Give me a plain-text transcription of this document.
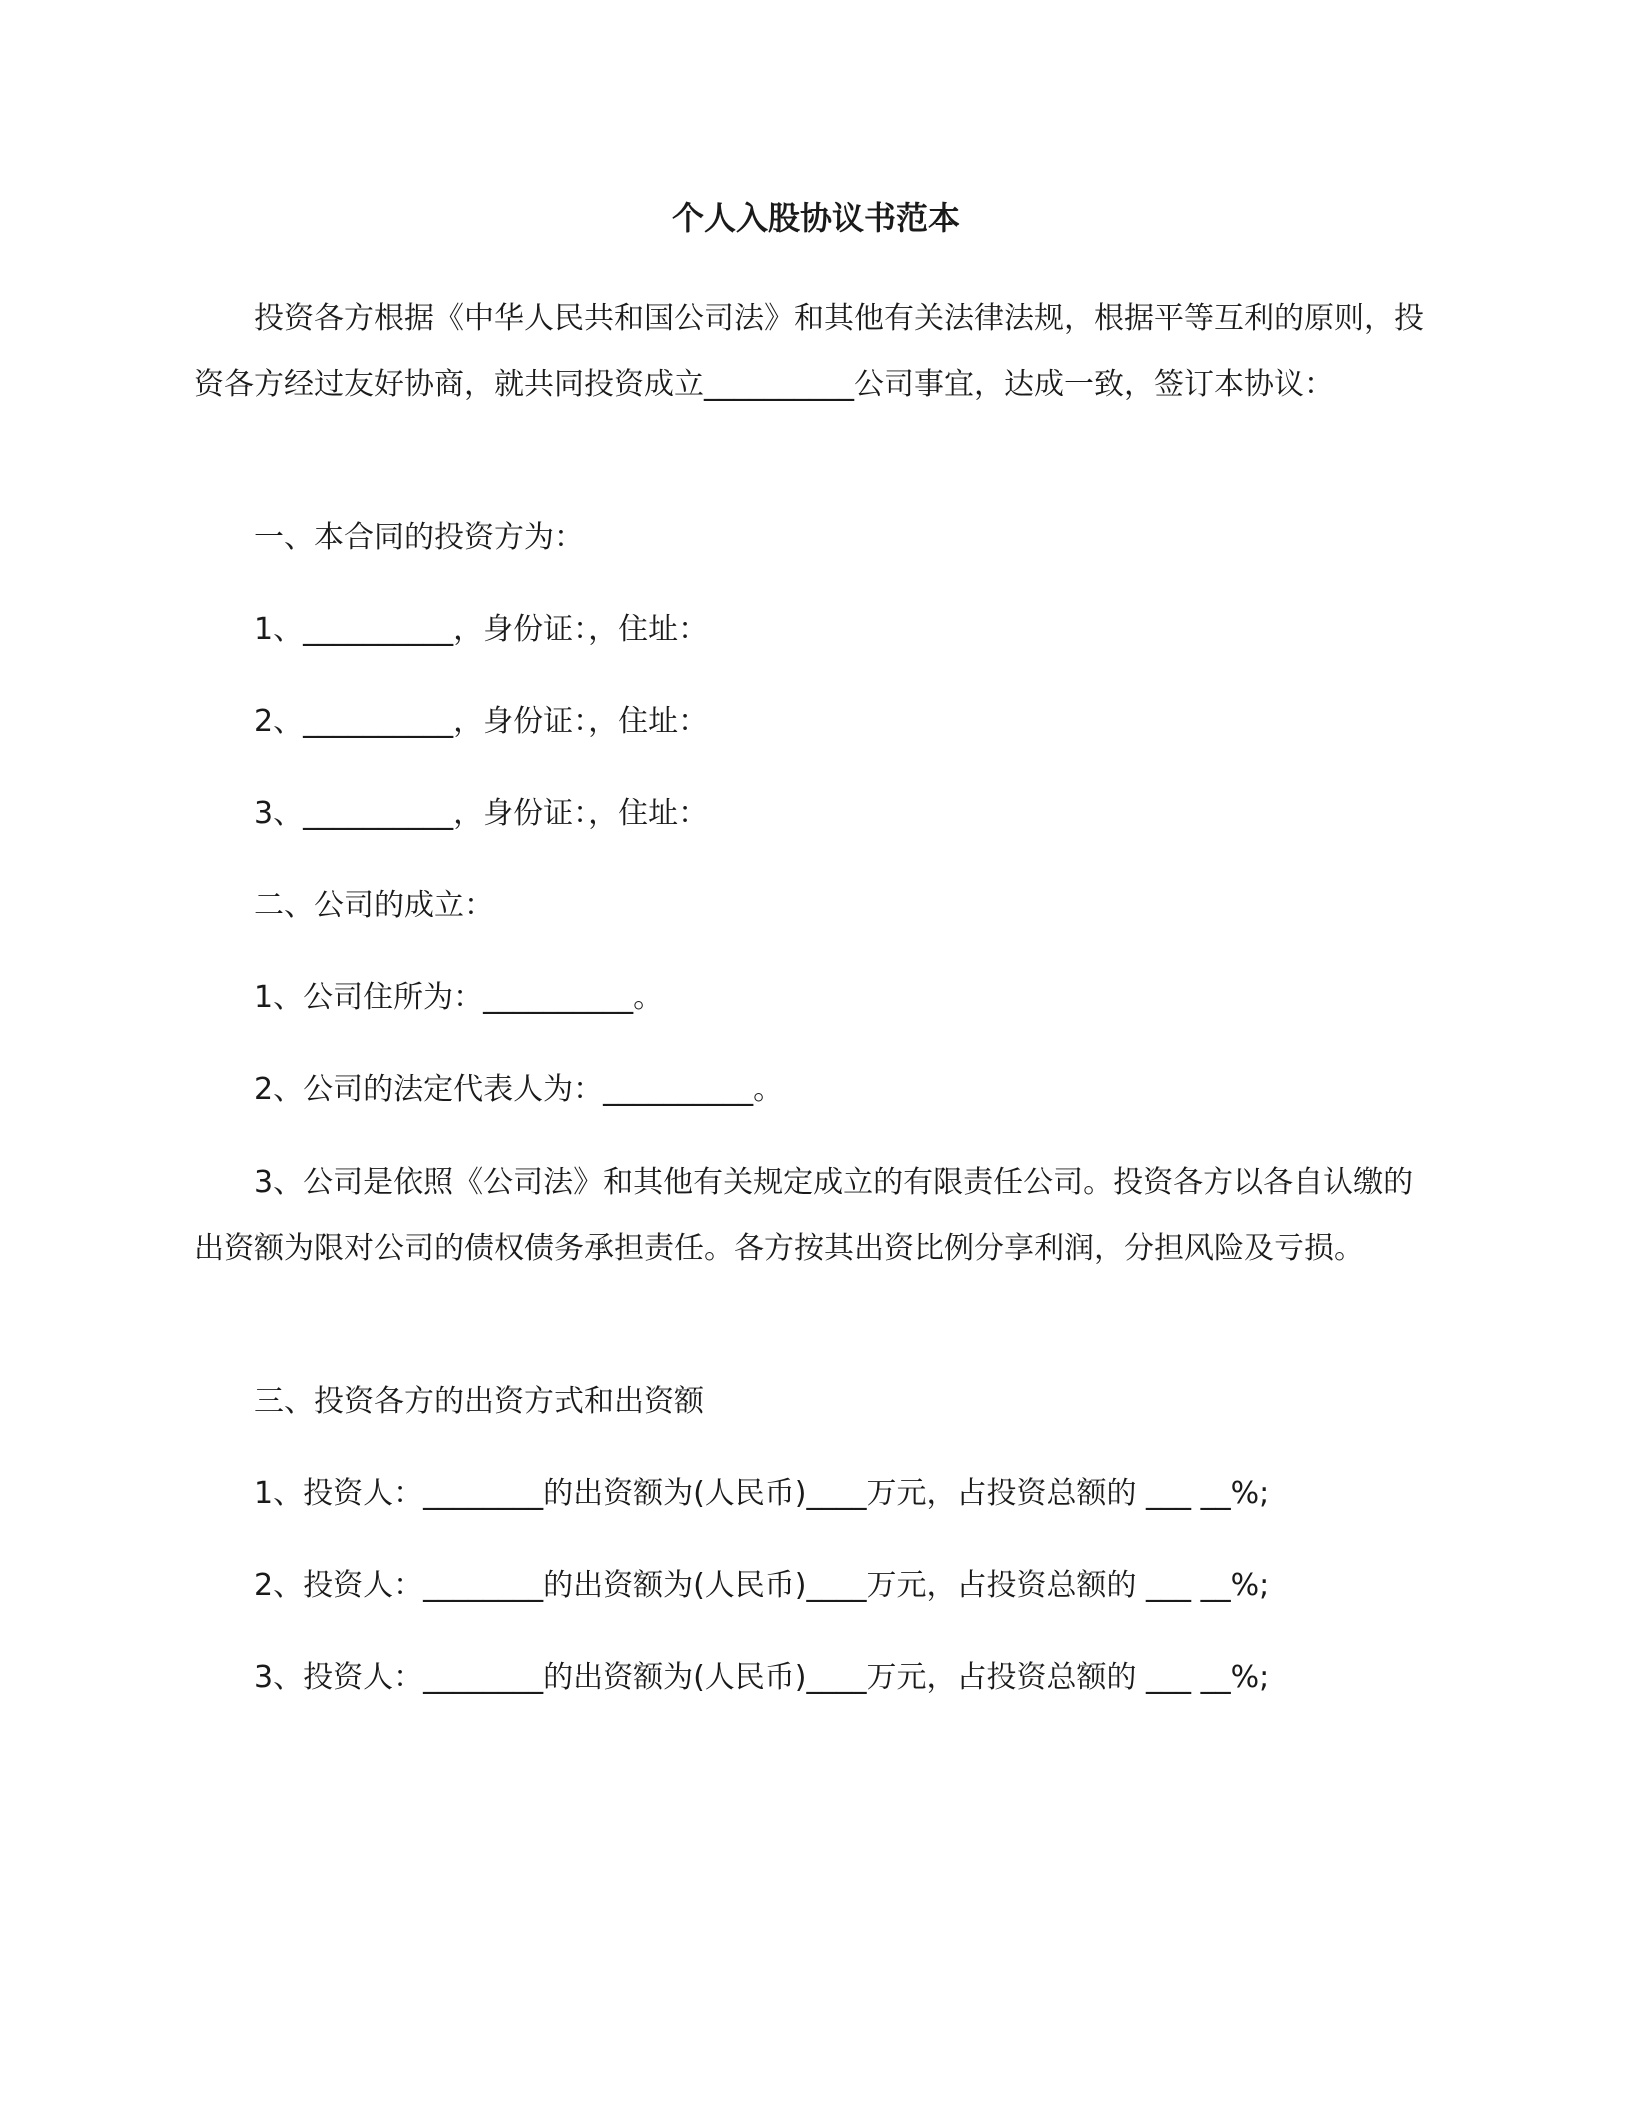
个人入股协议书范本

投资各方根据《中华人民共和国公司法》和其他有关法律法规，根据平等互利的原则，投资各方经过友好协商，就共同投资成立__________公司事宜，达成一致，签订本协议：

一、本合同的投资方为：

1、__________，身份证：，住址：

2、__________，身份证：，住址：

3、__________，身份证：，住址：

二、公司的成立：

1、公司住所为：__________。

2、公司的法定代表人为：__________。

3、公司是依照《公司法》和其他有关规定成立的有限责任公司。投资各方以各自认缴的出资额为限对公司的债权债务承担责任。各方按其出资比例分享利润，分担风险及亏损。

三、投资各方的出资方式和出资额

1、投资人：________的出资额为(人民币)____万元，占投资总额的 ___ __%;

2、投资人：________的出资额为(人民币)____万元，占投资总额的 ___ __%;

3、投资人：________的出资额为(人民币)____万元，占投资总额的 ___ __%;
